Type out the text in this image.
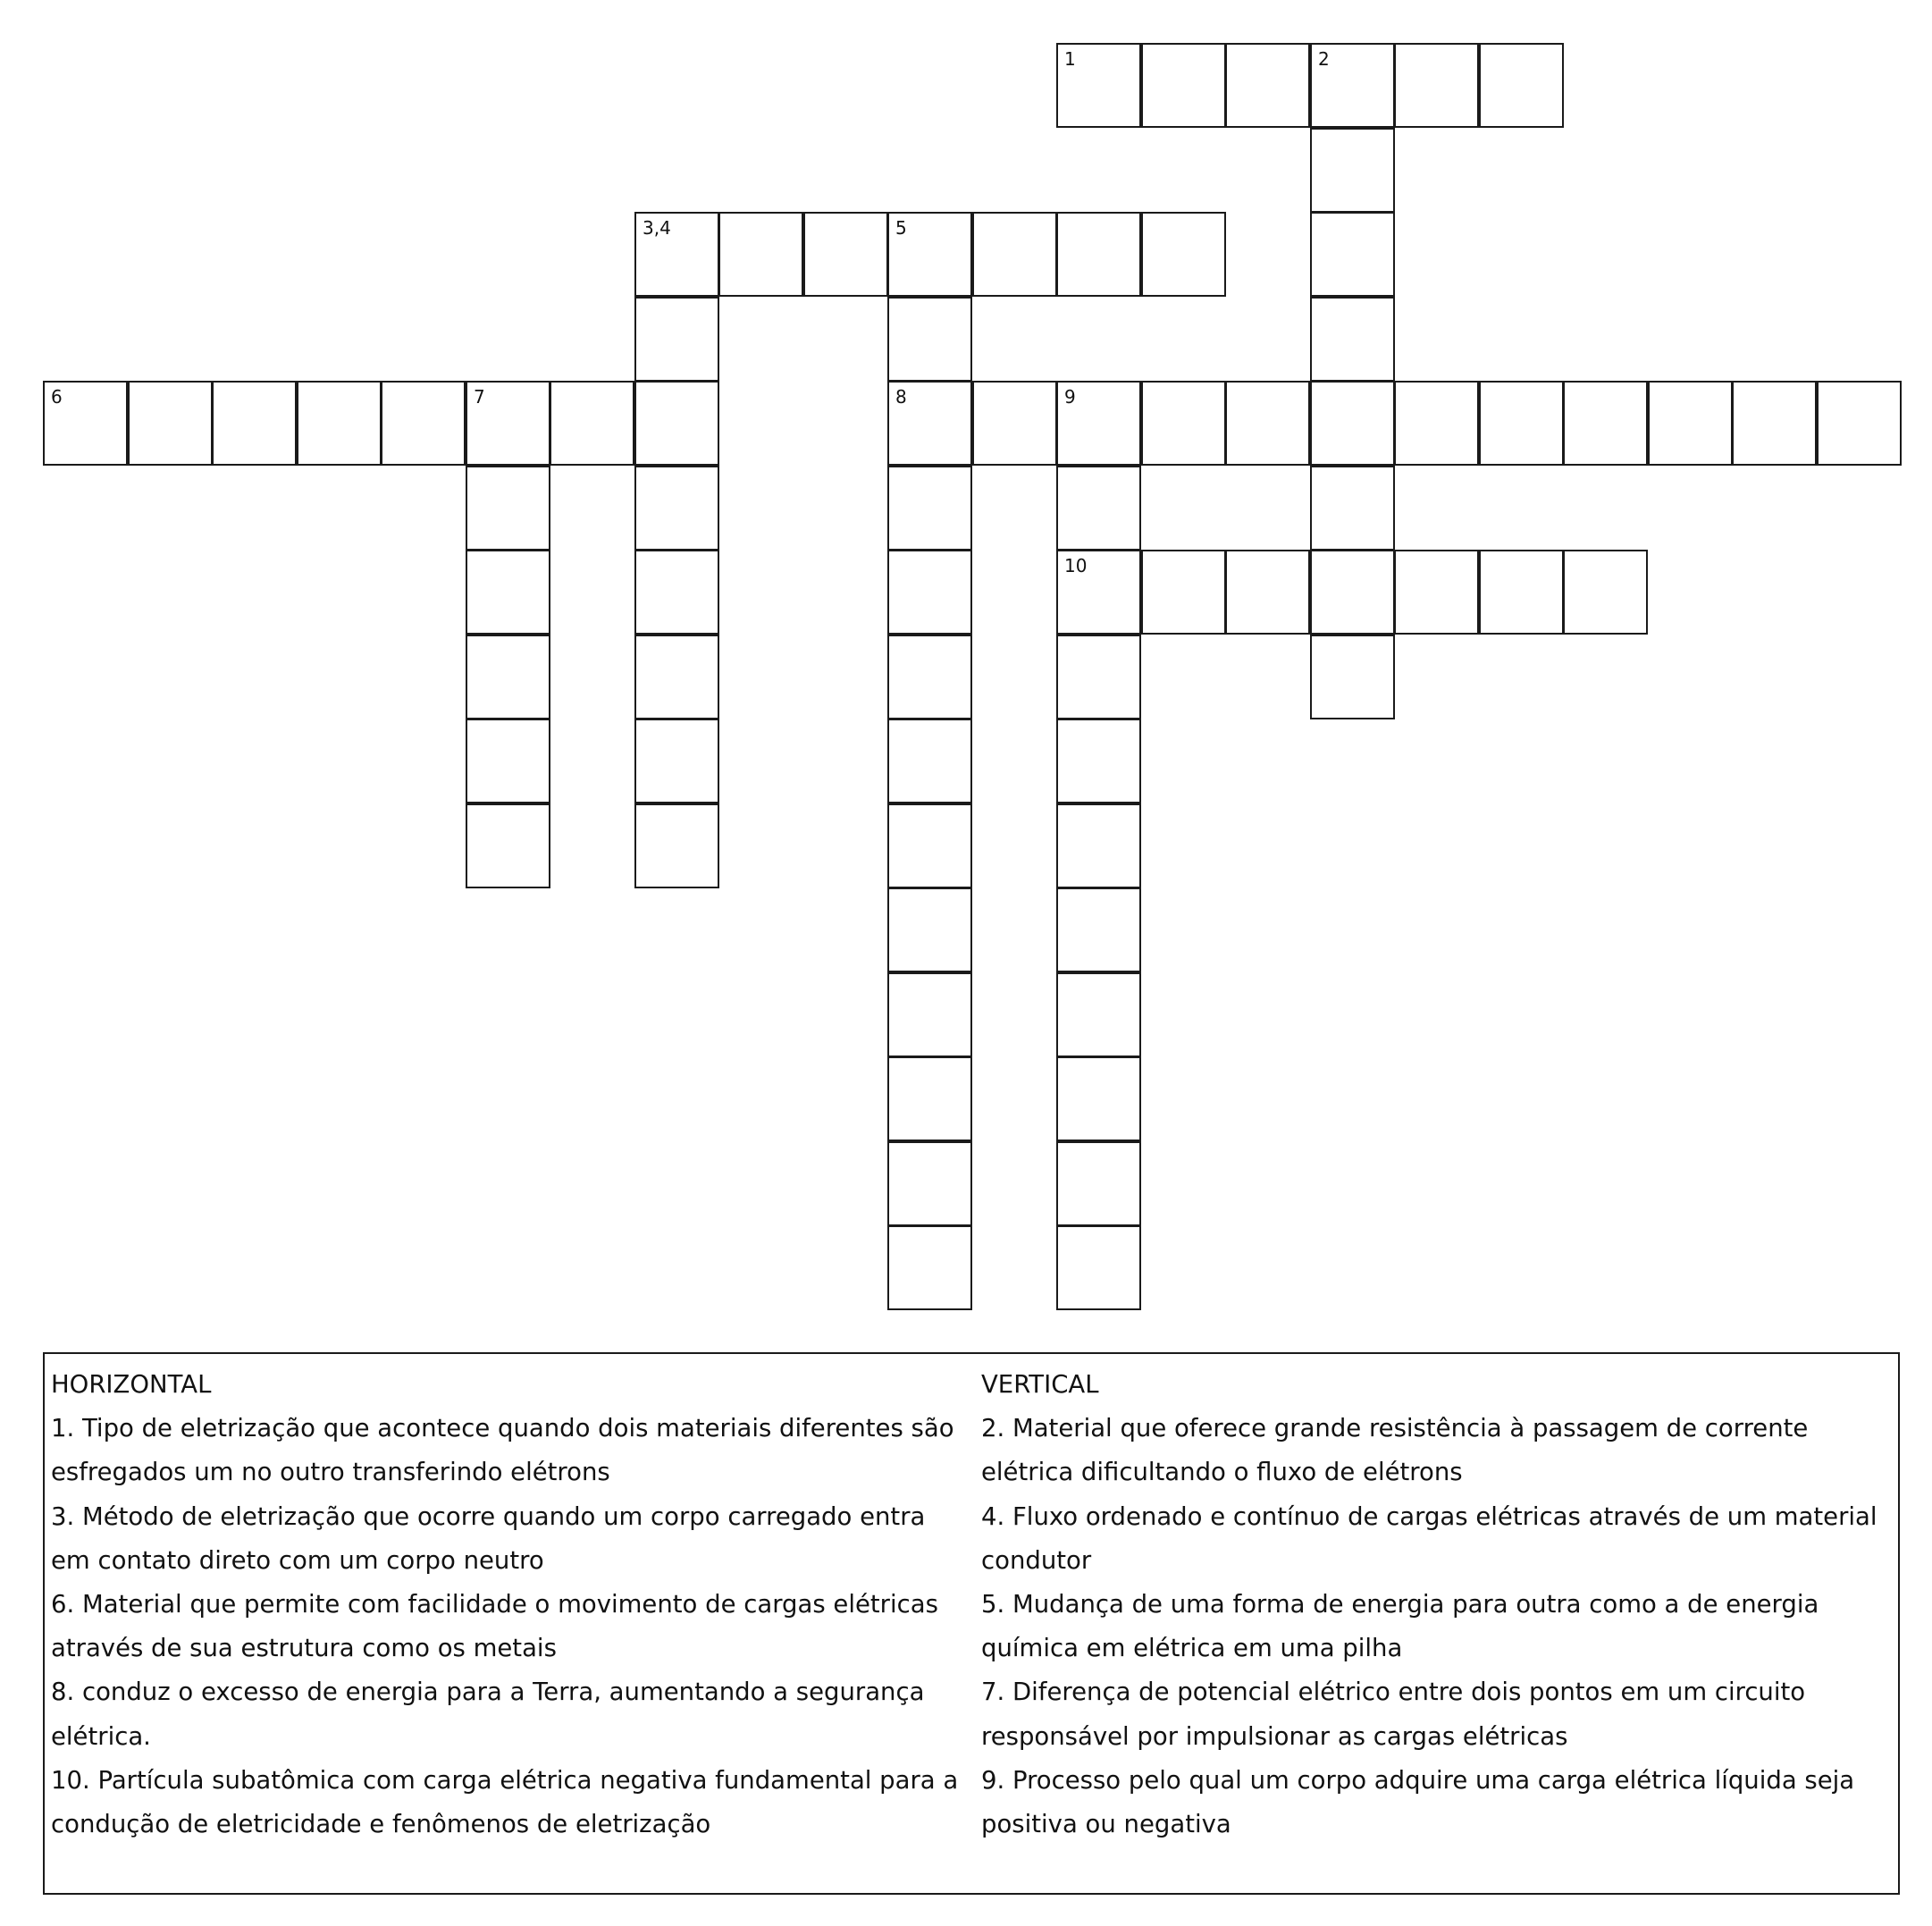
1	2
3,4	5
6	7	8	9
10
HORIZONTAL

1. Tipo de eletrização que acontece quando dois materiais diferentes são esfregados um no outro transferindo elétrons

3. Método de eletrização que ocorre quando um corpo carregado entra em contato direto com um corpo neutro

6. Material que permite com facilidade o movimento de cargas elétricas através de sua estrutura como os metais

8. conduz o excesso de energia para a Terra, aumentando a segurança elétrica.

10. Partícula subatômica com carga elétrica negativa fundamental para a condução de eletricidade e fenômenos de eletrização

VERTICAL

2. Material que oferece grande resistência à passagem de corrente elétrica dificultando o fluxo de elétrons

4. Fluxo ordenado e contínuo de cargas elétricas através de um material condutor

5. Mudança de uma forma de energia para outra como a de energia química em elétrica em uma pilha

7. Diferença de potencial elétrico entre dois pontos em um circuito responsável por impulsionar as cargas elétricas

9. Processo pelo qual um corpo adquire uma carga elétrica líquida seja positiva ou negativa
